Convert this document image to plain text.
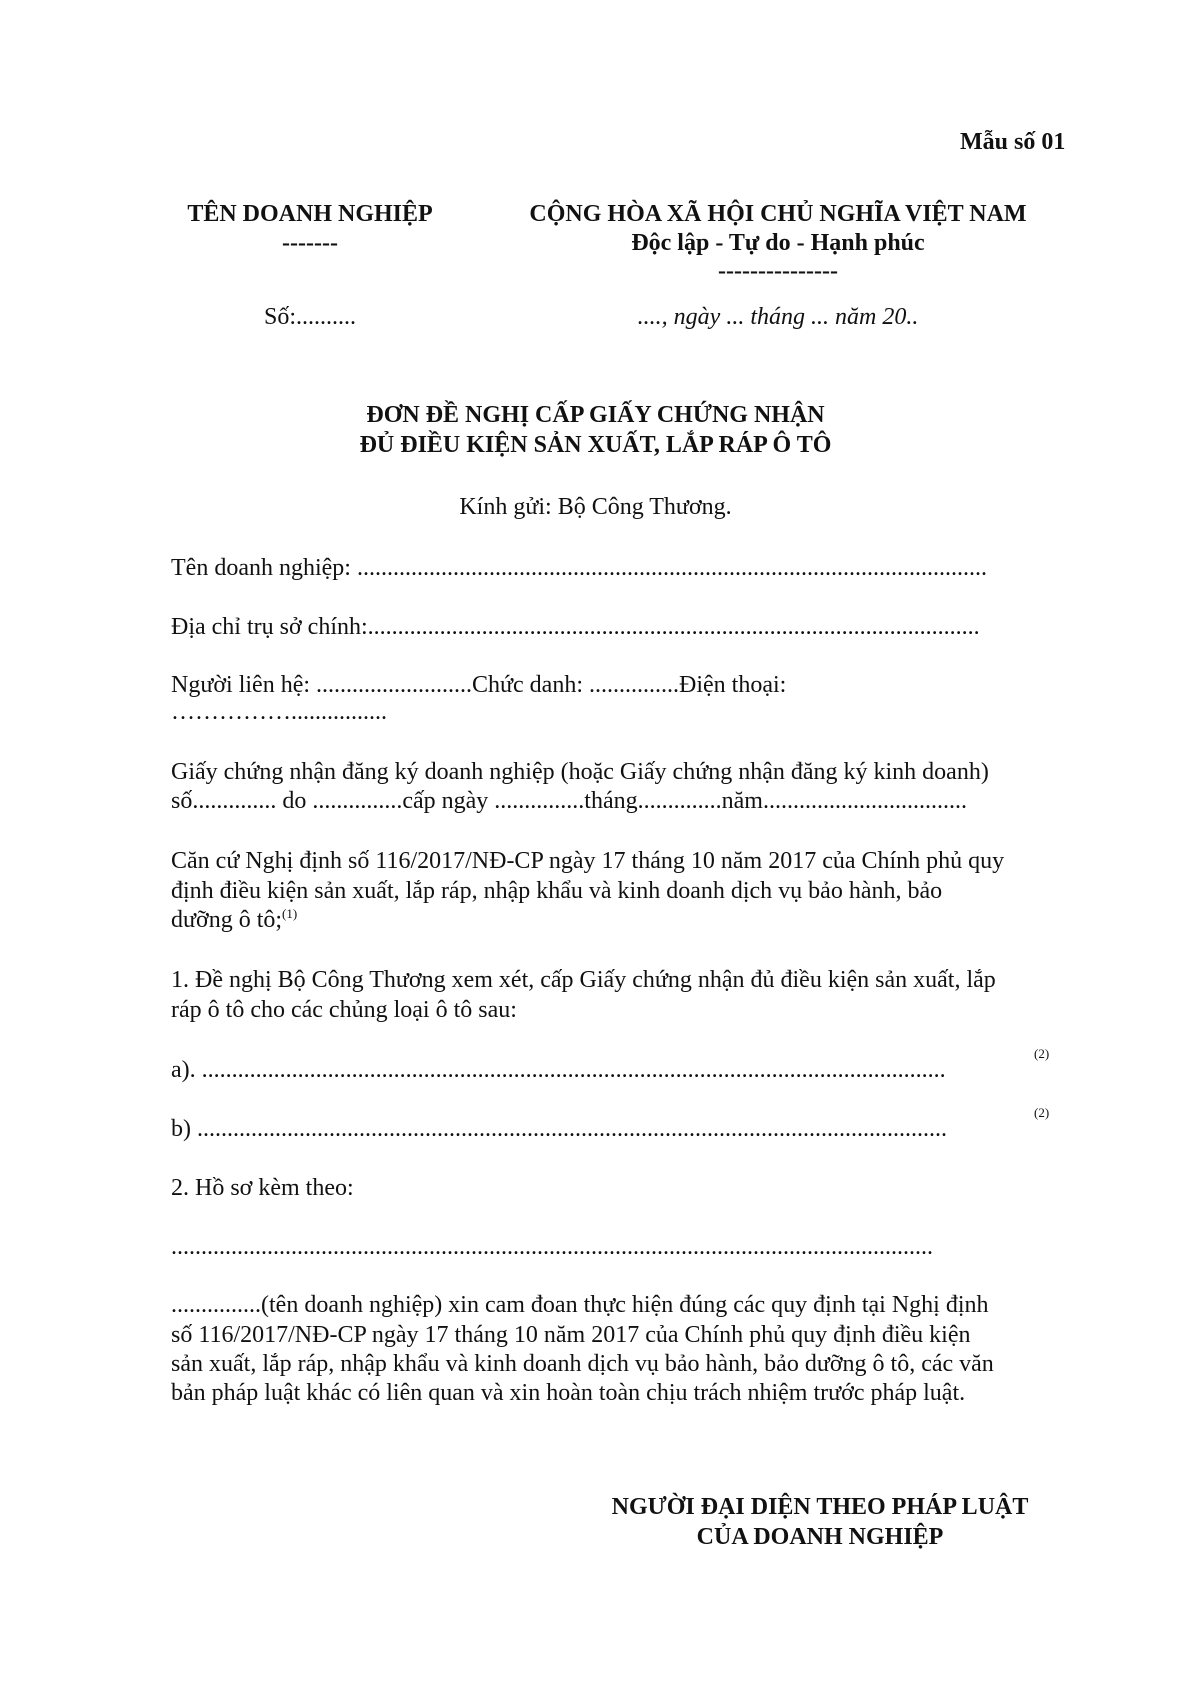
Mẫu số 01
TÊN DOANH NGHIỆP
-------
CỘNG HÒA XÃ HỘI CHỦ NGHĨA VIỆT NAM
Độc lập - Tự do - Hạnh phúc
---------------
Số:..........	...., ngày ... tháng ... năm 20..
ĐƠN ĐỀ NGHỊ CẤP GIẤY CHỨNG NHẬN
ĐỦ ĐIỀU KIỆN SẢN XUẤT, LẮP RÁP Ô TÔ
Kính gửi: Bộ Công Thương.
Tên doanh nghiệp: .........................................................................................................
Địa chỉ trụ sở chính:......................................................................................................
Người liên hệ: ..........................Chức danh: ...............Điện thoại:
……………................
Giấy chứng nhận đăng ký doanh nghiệp (hoặc Giấy chứng nhận đăng ký kinh doanh)
số.............. do ...............cấp ngày ...............tháng..............năm..................................
Căn cứ Nghị định số 116/2017/NĐ-CP ngày 17 tháng 10 năm 2017 của Chính phủ quy
định điều kiện sản xuất, lắp ráp, nhập khẩu và kinh doanh dịch vụ bảo hành, bảo
dưỡng ô tô;$^{(1)}$
1. Đề nghị Bộ Công Thương xem xét, cấp Giấy chứng nhận đủ điều kiện sản xuất, lắp
ráp ô tô cho các chủng loại ô tô sau:
a). ............................................................................................................................
(2)
b) .............................................................................................................................
(2)
2. Hồ sơ kèm theo:
...............................................................................................................................
...............(tên doanh nghiệp) xin cam đoan thực hiện đúng các quy định tại Nghị định
số 116/2017/NĐ-CP ngày 17 tháng 10 năm 2017 của Chính phủ quy định điều kiện
sản xuất, lắp ráp, nhập khẩu và kinh doanh dịch vụ bảo hành, bảo dưỡng ô tô, các văn
bản pháp luật khác có liên quan và xin hoàn toàn chịu trách nhiệm trước pháp luật.
NGƯỜI ĐẠI DIỆN THEO PHÁP LUẬT
CỦA DOANH NGHIỆP
